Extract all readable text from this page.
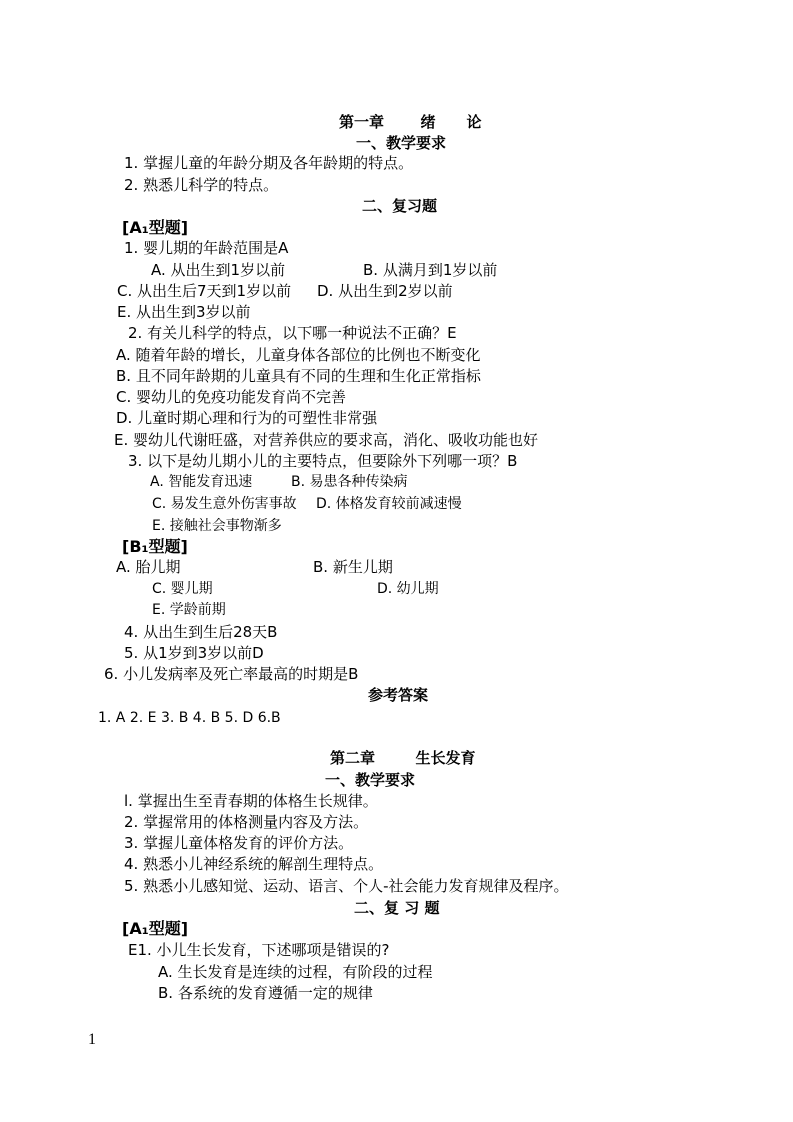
第一章 绪　论
一、教学要求
1. 掌握儿童的年龄分期及各年龄期的特点。
2. 熟悉儿科学的特点。
二、复习题
[A₁型题]
1. 婴儿期的年龄范围是A
A. 从出生到1岁以前	B. 从满月到1岁以前
C. 从出生后7天到1岁以前 D. 从出生到2岁以前
E. 从出生到3岁以前
2. 有关儿科学的特点，以下哪一种说法不正确？E
A. 随着年龄的增长，儿童身体各部位的比例也不断变化
B. 且不同年龄期的儿童具有不同的生理和生化正常指标
C. 婴幼儿的免疫功能发育尚不完善
D. 儿童时期心理和行为的可塑性非常强
E. 婴幼儿代谢旺盛，对营养供应的要求高，消化、吸收功能也好
3. 以下是幼儿期小儿的主要特点，但要除外下列哪一项？B
A. 智能发育迅速	B. 易患各种传染病
C. 易发生意外伤害事故 D. 体格发育较前减速慢
E. 接触社会事物渐多
[B₁型题]
A. 胎儿期	B. 新生儿期
C. 婴儿期	D. 幼儿期
E. 学龄前期
4. 从出生到生后28天B
5. 从1岁到3岁以前D
6. 小儿发病率及死亡率最高的时期是B
参考答案
1. A 2. E 3. B 4. B 5. D 6.B
第二章	生长发育
一、教学要求
l. 掌握出生至青春期的体格生长规律。
2. 掌握常用的体格测量内容及方法。
3. 掌握儿童体格发育的评价方法。
4. 熟悉小儿神经系统的解剖生理特点。
5. 熟悉小儿感知觉、运动、语言、个人-社会能力发育规律及程序。
二、复 习 题
[A₁型题]
E1. 小儿生长发育，下述哪项是错误的?
A. 生长发育是连续的过程，有阶段的过程
B. 各系统的发育遵循一定的规律
1
